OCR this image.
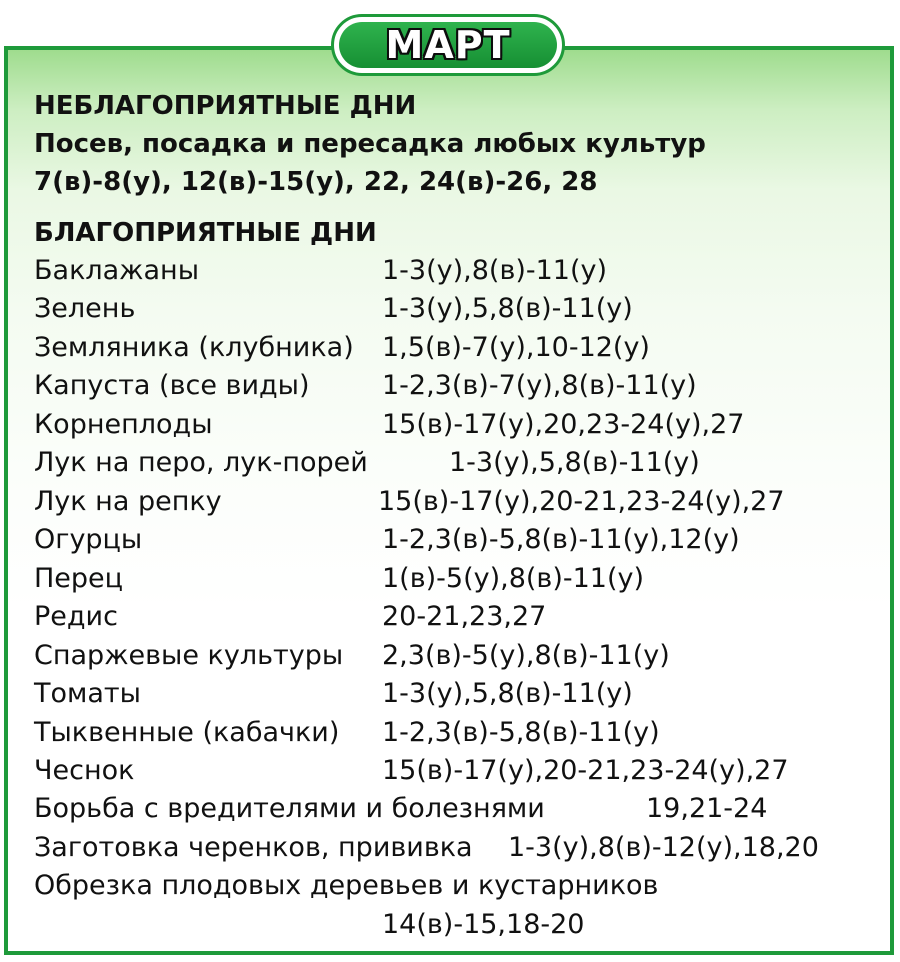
МАРТ
НЕБЛАГОПРИЯТНЫЕ ДНИ
Посев, посадка и пересадка любых культур
7(в)-8(у), 12(в)-15(у), 22, 24(в)-26, 28
БЛАГОПРИЯТНЫЕ ДНИ
Баклажаны	1-3(у),8(в)-11(у)
Зелень	1-3(у),5,8(в)-11(у)
Земляника (клубника) 1,5(в)-7(у),10-12(у)
Капуста (все виды)	1-2,3(в)-7(у),8(в)-11(у)
Корнеплоды	15(в)-17(у),20,23-24(у),27
Лук на перо, лук-порей	1-3(у),5,8(в)-11(у)
Лук на репку	15(в)-17(у),20-21,23-24(у),27
Огурцы	1-2,3(в)-5,8(в)-11(у),12(у)
Перец	1(в)-5(у),8(в)-11(у)
Редис	20-21,23,27
Спаржевые культуры 2,3(в)-5(у),8(в)-11(у)
Томаты	1-3(у),5,8(в)-11(у)
Тыквенные (кабачки) 1-2,3(в)-5,8(в)-11(у)
Чеснок	15(в)-17(у),20-21,23-24(у),27
Борьба с вредителями и болезнями	19,21-24
Заготовка черенков, прививка 1-3(у),8(в)-12(у),18,20
Обрезка плодовых деревьев и кустарников
14(в)-15,18-20
